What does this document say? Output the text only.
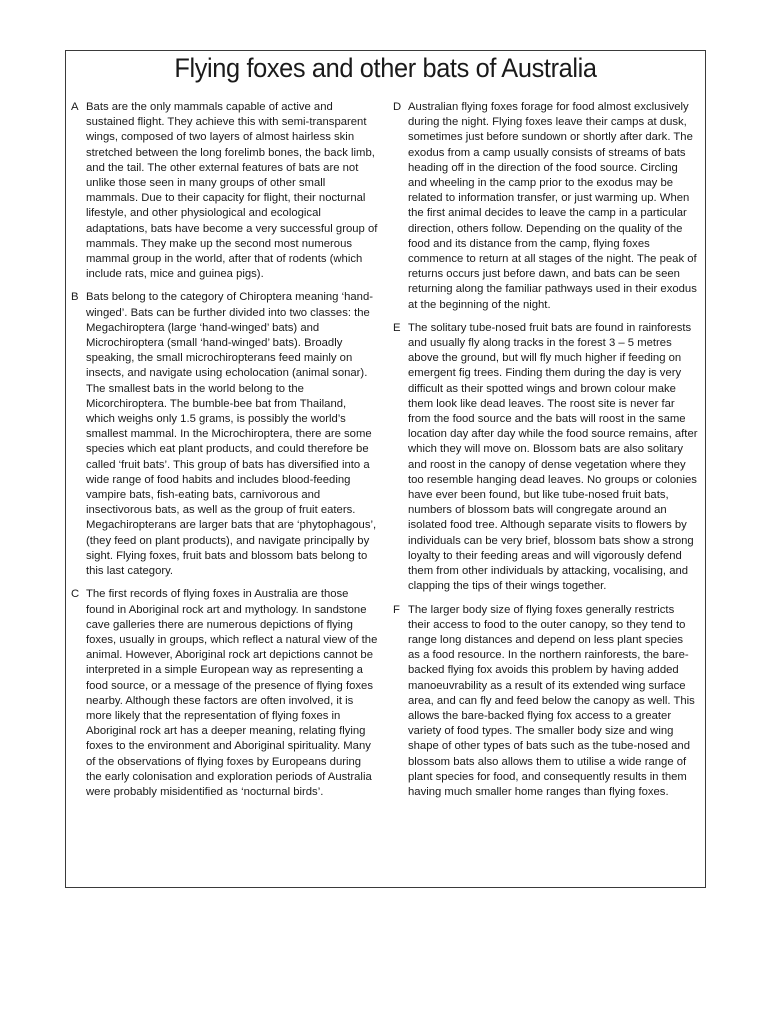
Flying foxes and other bats of Australia

A Bats are the only mammals capable of active and sustained flight. They achieve this with semi-transparent wings, composed of two layers of almost hairless skin stretched between the long forelimb bones, the back limb, and the tail. The other external features of bats are not unlike those seen in many groups of other small mammals. Due to their capacity for flight, their nocturnal lifestyle, and other physiological and ecological adaptations, bats have become a very successful group of mammals. They make up the second most numerous mammal group in the world, after that of rodents (which include rats, mice and guinea pigs).

B Bats belong to the category of Chiroptera meaning ‘hand-winged’. Bats can be further divided into two classes: the Megachiroptera (large ‘hand-winged’ bats) and Microchiroptera (small ‘hand-winged’ bats). Broadly speaking, the small microchiropterans feed mainly on insects, and navigate using echolocation (animal sonar). The smallest bats in the world belong to the Micorchiroptera. The bumble-bee bat from Thailand, which weighs only 1.5 grams, is possibly the world’s smallest mammal. In the Microchiroptera, there are some species which eat plant products, and could therefore be called ‘fruit bats’. This group of bats has diversified into a wide range of food habits and includes blood-feeding vampire bats, fish-eating bats, carnivorous and insectivorous bats, as well as the group of fruit eaters. Megachiropterans are larger bats that are ‘phytophagous’, (they feed on plant products), and navigate principally by sight. Flying foxes, fruit bats and blossom bats belong to this last category.

C The first records of flying foxes in Australia are those found in Aboriginal rock art and mythology. In sandstone cave galleries there are numerous depictions of flying foxes, usually in groups, which reflect a natural view of the animal. However, Aboriginal rock art depictions cannot be interpreted in a simple European way as representing a food source, or a message of the presence of flying foxes nearby. Although these factors are often involved, it is more likely that the representation of flying foxes in Aboriginal rock art has a deeper meaning, relating flying foxes to the environment and Aboriginal spirituality. Many of the observations of flying foxes by Europeans during the early colonisation and exploration periods of Australia were probably misidentified as ‘nocturnal birds’.

D Australian flying foxes forage for food almost exclusively during the night. Flying foxes leave their camps at dusk, sometimes just before sundown or shortly after dark. The exodus from a camp usually consists of streams of bats heading off in the direction of the food source. Circling and wheeling in the camp prior to the exodus may be related to information transfer, or just warming up. When the first animal decides to leave the camp in a particular direction, others follow. Depending on the quality of the food and its distance from the camp, flying foxes commence to return at all stages of the night. The peak of returns occurs just before dawn, and bats can be seen returning along the familiar pathways used in their exodus at the beginning of the night.

E The solitary tube-nosed fruit bats are found in rainforests and usually fly along tracks in the forest 3 – 5 metres above the ground, but will fly much higher if feeding on emergent fig trees. Finding them during the day is very difficult as their spotted wings and brown colour make them look like dead leaves. The roost site is never far from the food source and the bats will roost in the same location day after day while the food source remains, after which they will move on. Blossom bats are also solitary and roost in the canopy of dense vegetation where they too resemble hanging dead leaves. No groups or colonies have ever been found, but like tube-nosed fruit bats, numbers of blossom bats will congregate around an isolated food tree. Although separate visits to flowers by individuals can be very brief, blossom bats show a strong loyalty to their feeding areas and will vigorously defend them from other individuals by attacking, vocalising, and clapping the tips of their wings together.

F The larger body size of flying foxes generally restricts their access to food to the outer canopy, so they tend to range long distances and depend on less plant species as a food resource. In the northern rainforests, the bare-backed flying fox avoids this problem by having added manoeuvrability as a result of its extended wing surface area, and can fly and feed below the canopy as well. This allows the bare-backed flying fox access to a greater variety of food types. The smaller body size and wing shape of other types of bats such as the tube-nosed and blossom bats also allows them to utilise a wide range of plant species for food, and consequently results in them having much smaller home ranges than flying foxes.
